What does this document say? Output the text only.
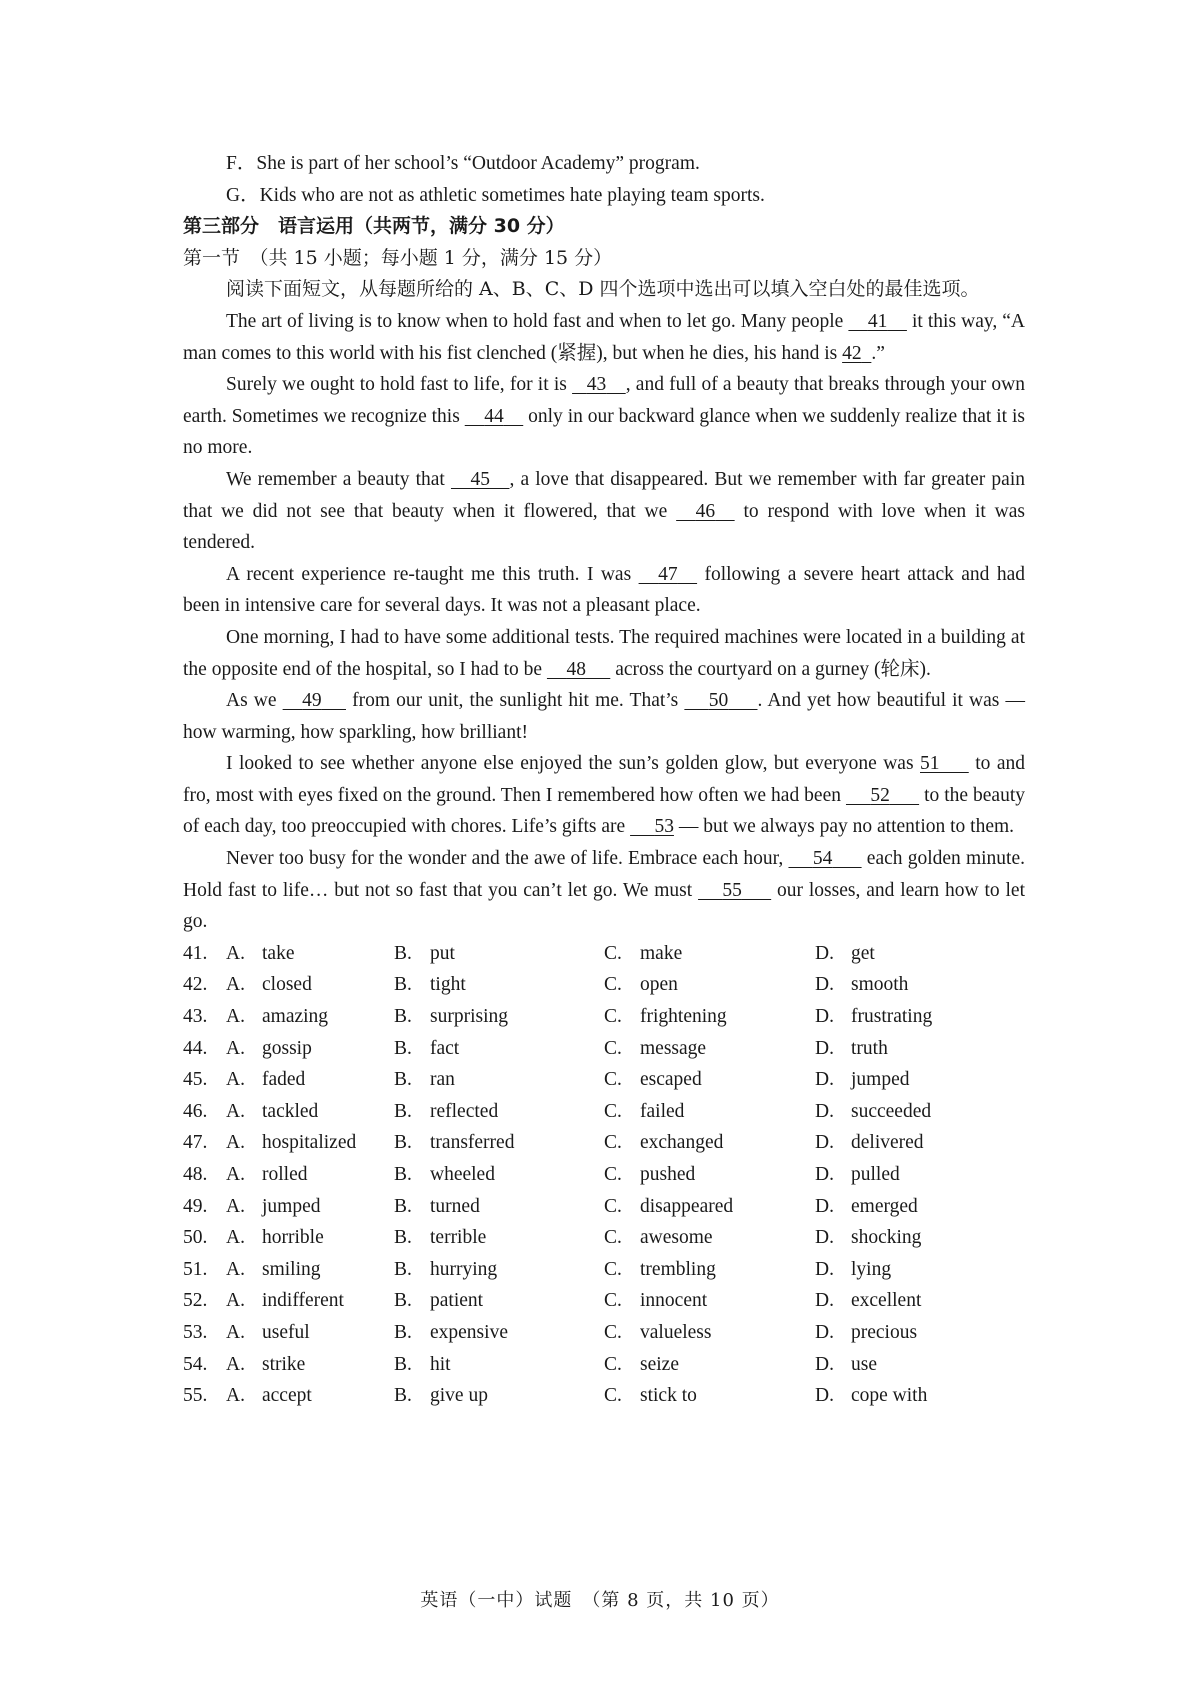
F．She is part of her school’s “Outdoor Academy” program.
G．Kids who are not as athletic sometimes hate playing team sports.
第三部分　语言运用（共两节，满分 30 分）
第一节　（共 15 小题；每小题 1 分，满分 15 分）
阅读下面短文，从每题所给的 A、B、C、D 四个选项中选出可以填入空白处的最佳选项。
The art of living is to know when to hold fast and when to let go. Many people     41     it this way, “A man comes to this world with his fist clenched (紧握), but when he dies, his hand is 42 .”
Surely we ought to hold fast to life, for it is    43 , and full of a beauty that breaks through your own earth. Sometimes we recognize this     44     only in our backward glance when we suddenly realize that it is no more.
We remember a beauty that     45 , a love that disappeared. But we remember with far greater pain that we did not see that beauty when it flowered, that we     46     to respond with love when it was tendered.
A recent experience re-taught me this truth. I was     47     following a severe heart attack and had been in intensive care for several days. It was not a pleasant place.
One morning, I had to have some additional tests. The required machines were located in a building at the opposite end of the hospital, so I had to be     48      across the courtyard on a gurney (轮床).
As we     49      from our unit, the sunlight hit me. That’s      50 . And yet how beautiful it was — how warming, how sparkling, how brilliant!
I looked to see whether anyone else enjoyed the sun’s golden glow, but everyone was 51       to and fro, most with eyes fixed on the ground. Then I remembered how often we had been      52       to the beauty of each day, too preoccupied with chores. Life’s gifts are      53 — but we always pay no attention to them.
Never too busy for the wonder and the awe of life. Embrace each hour,      54       each golden minute. Hold fast to life… but not so fast that you can’t let go. We must      55       our losses, and learn how to let go.
41. A. take	B. put	C. make	D. get
42. A. closed	B. tight	C. open	D. smooth
43. A. amazing	B. surprising	C. frightening	D. frustrating
44. A. gossip	B. fact	C. message	D. truth
45. A. faded	B. ran	C. escaped	D. jumped
46. A. tackled	B. reflected	C. failed	D. succeeded
47. A. hospitalized B. transferred	C. exchanged	D. delivered
48. A. rolled	B. wheeled	C. pushed	D. pulled
49. A. jumped	B. turned	C. disappeared	D. emerged
50. A. horrible	B. terrible	C. awesome	D. shocking
51. A. smiling	B. hurrying	C. trembling	D. lying
52. A. indifferent	B. patient	C. innocent	D. excellent
53. A. useful	B. expensive	C. valueless	D. precious
54. A. strike	B. hit	C. seize	D. use
55. A. accept	B. give up	C. stick to	D. cope with
英语（一中）试题　（第 8 页，共 10 页）
